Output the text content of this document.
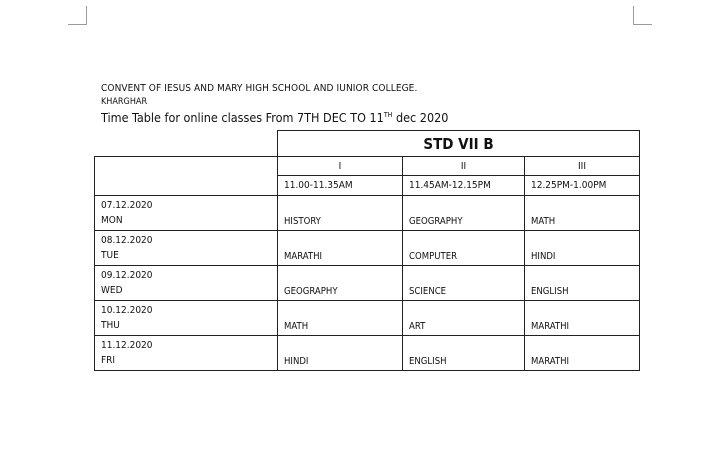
CONVENT OF IESUS AND MARY HIGH SCHOOL AND IUNIOR COLLEGE.
KHARGHAR
Time Table for online classes From 7TH DEC TO 11TH dec 2020
	STD VII B		
	I	II	III
	11.00-11.35AM	11.45AM-12.15PM	12.25PM-1.00PM

07.12.2020
MON	HISTORY	GEOGRAPHY	MATH

08.12.2020
TUE	MARATHI	COMPUTER	HINDI

09.12.2020
WED	GEOGRAPHY	SCIENCE	ENGLISH

10.12.2020
THU	MATH	ART	MARATHI

11.12.2020
FRI	HINDI	ENGLISH	MARATHI
